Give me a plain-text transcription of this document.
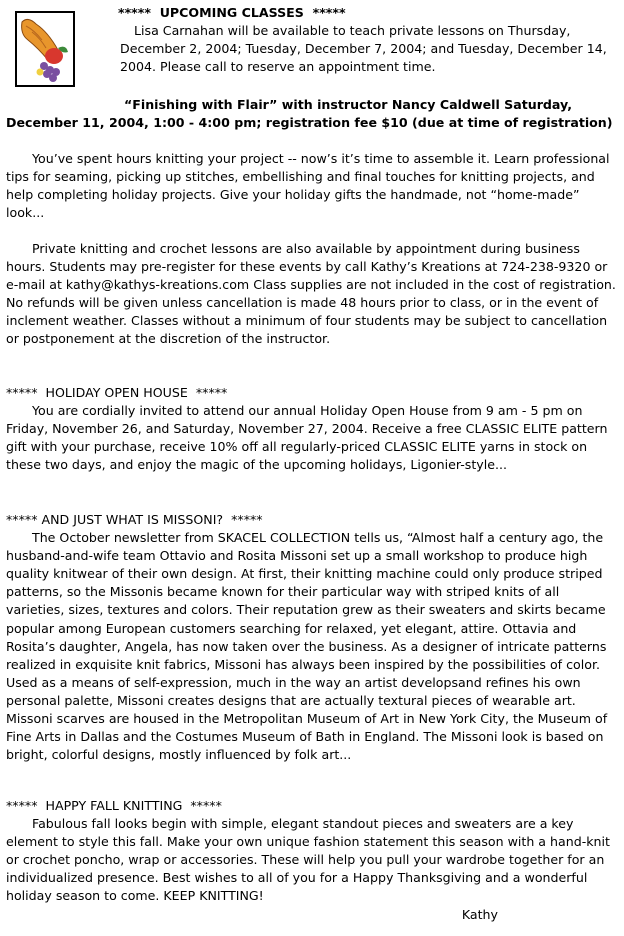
*****  UPCOMING CLASSES  *****

Lisa Carnahan will be available to teach private lessons on Thursday, December 2, 2004; Tuesday, December 7, 2004; and Tuesday, December 14, 2004. Please call to reserve an appointment time.

“Finishing with Flair” with instructor Nancy Caldwell Saturday, December 11, 2004, 1:00 - 4:00 pm; registration fee $10 (due at time of registration)

You’ve spent hours knitting your project -- now’s it’s time to assemble it. Learn professional tips for seaming, picking up stitches, embellishing and final touches for knitting projects, and help completing holiday projects. Give your holiday gifts the handmade, not “home-made” look...

Private knitting and crochet lessons are also available by appointment during business hours. Students may pre-register for these events by call Kathy’s Kreations at 724-238-9320 or e-mail at kathy@kathys-kreations.com Class supplies are not included in the cost of registration. No refunds will be given unless cancellation is made 48 hours prior to class, or in the event of inclement weather. Classes without a minimum of four students may be subject to cancellation or postponement at the discretion of the instructor.

*****  HOLIDAY OPEN HOUSE  *****

You are cordially invited to attend our annual Holiday Open House from 9 am - 5 pm on Friday, November 26, and Saturday, November 27, 2004. Receive a free CLASSIC ELITE pattern gift with your purchase, receive 10% off all regularly-priced CLASSIC ELITE yarns in stock on these two days, and enjoy the magic of the upcoming holidays, Ligonier-style...

***** AND JUST WHAT IS MISSONI?  *****

The October newsletter from SKACEL COLLECTION tells us, “Almost half a century ago, the husband-and-wife team Ottavio and Rosita Missoni set up a small workshop to produce high quality knitwear of their own design. At first, their knitting machine could only produce striped patterns, so the Missonis became known for their particular way with striped knits of all varieties, sizes, textures and colors. Their reputation grew as their sweaters and skirts became popular among European customers searching for relaxed, yet elegant, attire. Ottavia and Rosita’s daughter, Angela, has now taken over the business. As a designer of intricate patterns realized in exquisite knit fabrics, Missoni has always been inspired by the possibilities of color. Used as a means of self-expression, much in the way an artist developsand refines his own personal palette, Missoni creates designs that are actually textural pieces of wearable art. Missoni scarves are housed in the Metropolitan Museum of Art in New York City, the Museum of Fine Arts in Dallas and the Costumes Museum of Bath in England. The Missoni look is based on bright, colorful designs, mostly influenced by folk art...

*****  HAPPY FALL KNITTING  *****

Fabulous fall looks begin with simple, elegant standout pieces and sweaters are a key element to style this fall. Make your own unique fashion statement this season with a hand-knit or crochet poncho, wrap or accessories. These will help you pull your wardrobe together for an individualized presence. Best wishes to all of you for a Happy Thanksgiving and a wonderful holiday season to come. KEEP KNITTING!

Kathy
